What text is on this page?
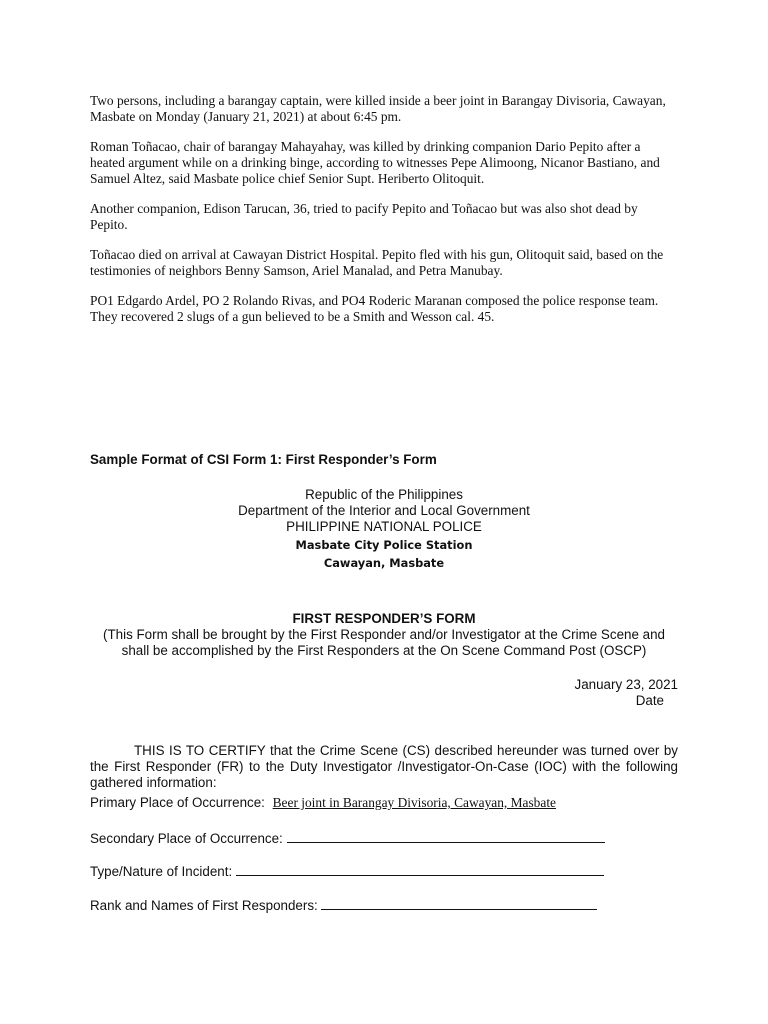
Two persons, including a barangay captain, were killed inside a beer joint in Barangay Divisoria, Cawayan, Masbate on Monday (January 21, 2021) at about 6:45 pm.

Roman Toñacao, chair of barangay Mahayahay, was killed by drinking companion Dario Pepito after a heated argument while on a drinking binge, according to witnesses Pepe Alimoong, Nicanor Bastiano, and Samuel Altez, said Masbate police chief Senior Supt. Heriberto Olitoquit.

Another companion, Edison Tarucan, 36, tried to pacify Pepito and Toñacao but was also shot dead by Pepito.

Toñacao died on arrival at Cawayan District Hospital. Pepito fled with his gun, Olitoquit said, based on the testimonies of neighbors Benny Samson, Ariel Manalad, and Petra Manubay.

PO1 Edgardo Ardel, PO 2 Rolando Rivas, and PO4 Roderic Maranan composed the police response team. They recovered 2 slugs of a gun believed to be a Smith and Wesson cal. 45.

Sample Format of CSI Form 1: First Responder’s Form
Republic of the Philippines
Department of the Interior and Local Government
PHILIPPINE NATIONAL POLICE
Masbate City Police Station
Cawayan, Masbate
FIRST RESPONDER’S FORM
(This Form shall be brought by the First Responder and/or Investigator at the Crime Scene and
shall be accomplished by the First Responders at the On Scene Command Post (OSCP)
January 23, 2021
Date

THIS IS TO CERTIFY that the Crime Scene (CS) described hereunder was turned over by the First Responder (FR) to the Duty Investigator /Investigator-On-Case (IOC) with the following gathered information:

Primary Place of Occurrence: Beer joint in Barangay Divisoria, Cawayan, Masbate
Secondary Place of Occurrence:
Type/Nature of Incident:
Rank and Names of First Responders:
